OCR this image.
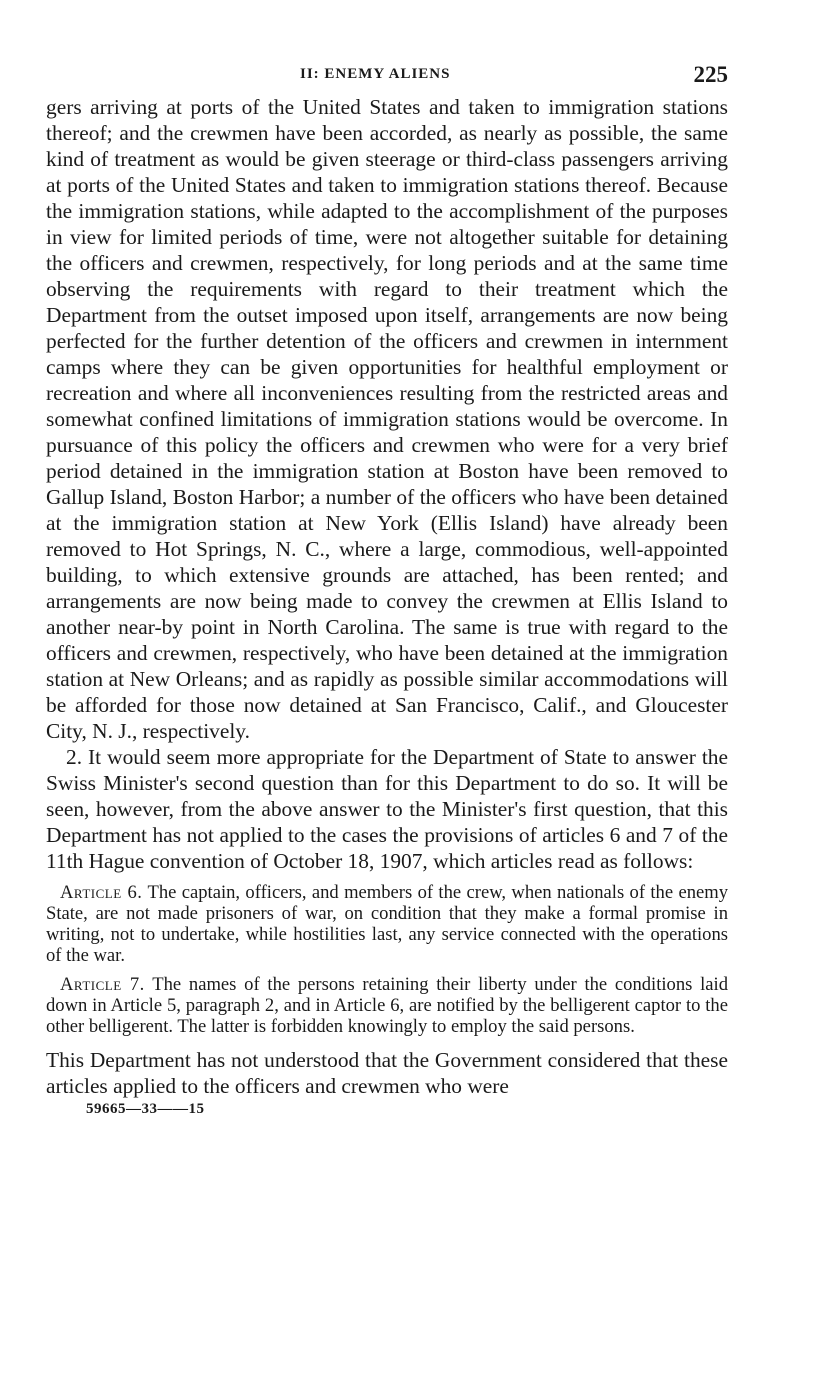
II: ENEMY ALIENS	225

gers arriving at ports of the United States and taken to immigration stations thereof; and the crewmen have been accorded, as nearly as possible, the same kind of treatment as would be given steerage or third-class passengers arriving at ports of the United States and taken to immigration stations thereof. Because the immigration stations, while adapted to the accomplishment of the purposes in view for limited periods of time, were not altogether suitable for detaining the officers and crewmen, respectively, for long periods and at the same time observing the requirements with regard to their treatment which the Department from the outset imposed upon itself, arrangements are now being perfected for the further detention of the officers and crewmen in internment camps where they can be given opportunities for healthful employment or recreation and where all inconveniences resulting from the restricted areas and somewhat confined limitations of immigration stations would be overcome. In pursuance of this policy the officers and crewmen who were for a very brief period detained in the immigration station at Boston have been removed to Gallup Island, Boston Harbor; a number of the officers who have been detained at the immigration station at New York (Ellis Island) have already been removed to Hot Springs, N. C., where a large, commodious, well-appointed building, to which extensive grounds are attached, has been rented; and arrangements are now being made to convey the crewmen at Ellis Island to another near-by point in North Carolina. The same is true with regard to the officers and crewmen, respectively, who have been detained at the immigration station at New Orleans; and as rapidly as possible similar accommodations will be afforded for those now detained at San Francisco, Calif., and Gloucester City, N. J., respectively.

2. It would seem more appropriate for the Department of State to answer the Swiss Minister's second question than for this Department to do so. It will be seen, however, from the above answer to the Minister's first question, that this Department has not applied to the cases the provisions of articles 6 and 7 of the 11th Hague convention of October 18, 1907, which articles read as follows:

Article 6. The captain, officers, and members of the crew, when nationals of the enemy State, are not made prisoners of war, on condition that they make a formal promise in writing, not to undertake, while hostilities last, any service connected with the operations of the war.

Article 7. The names of the persons retaining their liberty under the conditions laid down in Article 5, paragraph 2, and in Article 6, are notified by the belligerent captor to the other belligerent. The latter is forbidden knowingly to employ the said persons.

This Department has not understood that the Government considered that these articles applied to the officers and crewmen who were

59665—33——15
